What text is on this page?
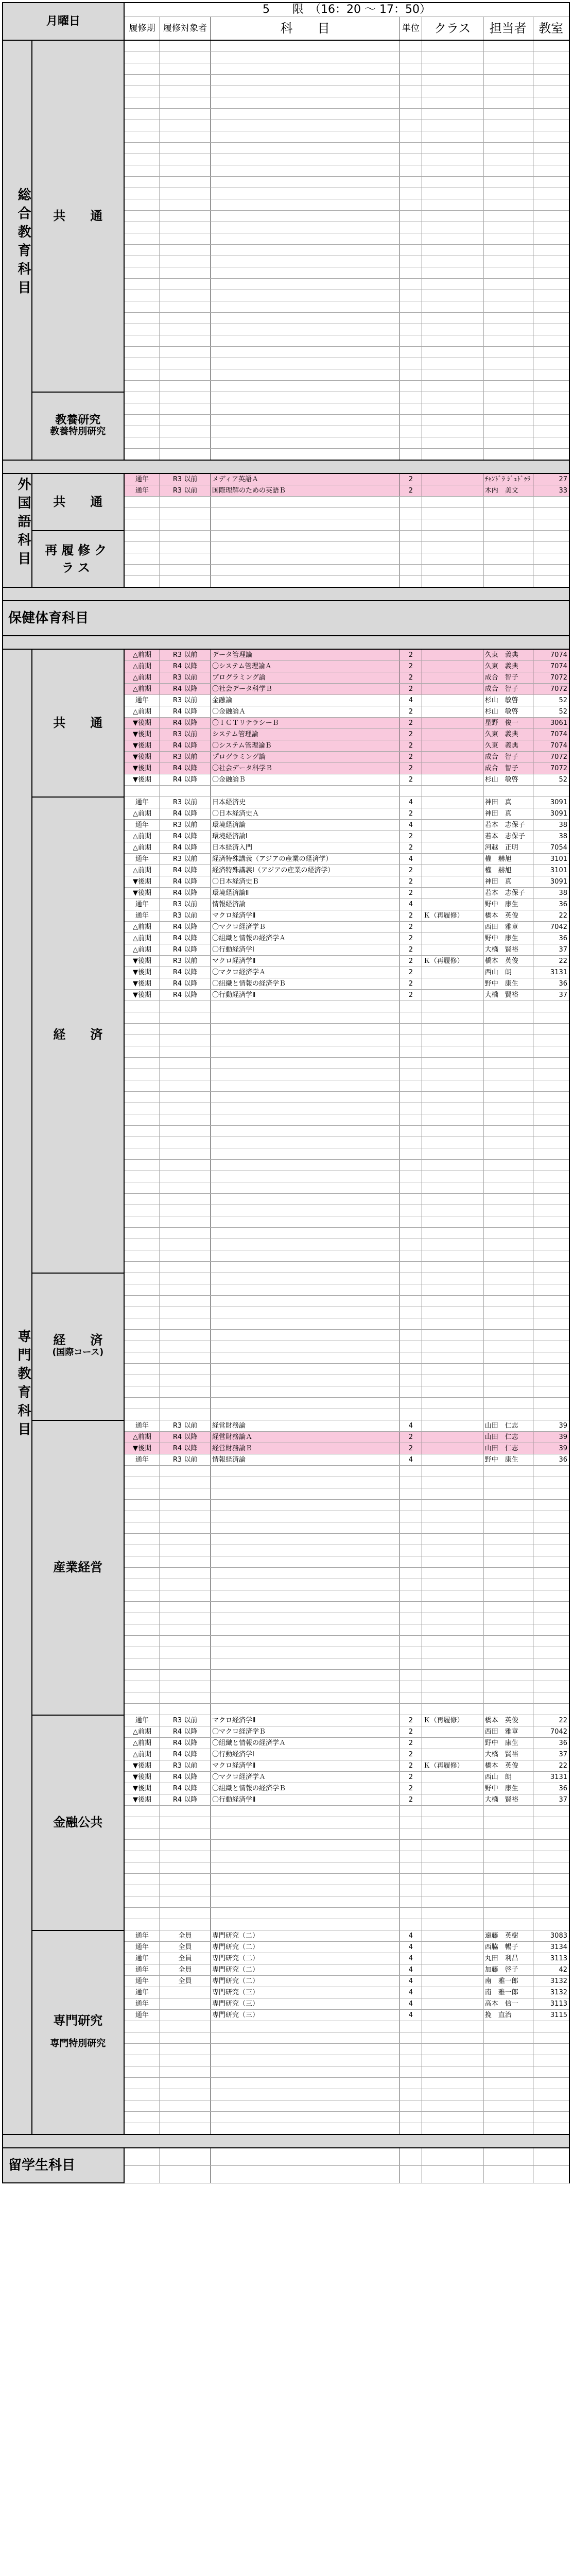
月曜日		5　　限　（16：20 ～ 17：50）						
		履修期	履修対象者	科　　目	単位	クラス	担当者	教室
総合教育科目	共　　通							

	教養研究
教養特別研究							

外国語科目	共　　通	通年	R3 以前	メディア英語Ａ	2		ﾁｬﾝﾄﾞﾗ ｼﾞｭﾄﾞｩﾗ	27
		通年	R3 以前	国際理解のための英語Ｂ	2		木内　美文	33

	再履修クラス							

保健体育科目								

専門教育科目	共　　通	△前期	R3 以前	データ管理論	2		久東　義典	7074
		△前期	R4 以降	〇システム管理論Ａ	2		久東　義典	7074
		△前期	R3 以前	プログラミング論	2		成合　智子	7072
		△前期	R4 以降	〇社会データ科学Ｂ	2		成合　智子	7072
		通年	R3 以前	金融論	4		杉山　敏啓	52
		△前期	R4 以降	〇金融論Ａ	2		杉山　敏啓	52
		▼後期	R4 以降	〇ＩＣＴリテラシーＢ	2		星野　俊一	3061
		▼後期	R3 以前	システム管理論	2		久東　義典	7074
		▼後期	R4 以降	〇システム管理論Ｂ	2		久東　義典	7074
		▼後期	R3 以前	プログラミング論	2		成合　智子	7072
		▼後期	R4 以降	〇社会データ科学Ｂ	2		成合　智子	7072
		▼後期	R4 以降	〇金融論Ｂ	2		杉山　敏啓	52

	経　　済	通年	R3 以前	日本経済史	4		神田　真	3091
		△前期	R4 以降	〇日本経済史Ａ	2		神田　真	3091
		通年	R3 以前	環境経済論	4		若本　志保子	38
		△前期	R4 以降	環境経済論Ⅰ	2		若本　志保子	38
		△前期	R4 以降	日本経済入門	2		河越　正明	7054
		通年	R3 以前	経済特殊講義（アジアの産業の経済学）	4		權　赫旭	3101
		△前期	R4 以降	経済特殊講義Ⅰ（アジアの産業の経済学）	2		權　赫旭	3101
		▼後期	R4 以降	〇日本経済史Ｂ	2		神田　真	3091
		▼後期	R4 以降	環境経済論Ⅱ	2		若本　志保子	38
		通年	R3 以前	情報経済論	4		野中　康生	36
		通年	R3 以前	マクロ経済学Ⅱ	2	Ｋ（再履修）	橋本　英俊	22
		△前期	R4 以降	〇マクロ経済学Ｂ	2		西田　雅章	7042
		△前期	R4 以降	〇組織と情報の経済学Ａ	2		野中　康生	36
		△前期	R4 以降	〇行動経済学Ⅰ	2		大橋　賢裕	37
		▼後期	R3 以前	マクロ経済学Ⅱ	2	Ｋ（再履修）	橋本　英俊	22
		▼後期	R4 以降	〇マクロ経済学Ａ	2		西山　朗	3131
		▼後期	R4 以降	〇組織と情報の経済学Ｂ	2		野中　康生	36
		▼後期	R4 以降	〇行動経済学Ⅱ	2		大橋　賢裕	37

	経　　済
(国際コース)							

	産業経営	通年	R3 以前	経営財務論	4		山田　仁志	39
		△前期	R4 以降	経営財務論Ａ	2		山田　仁志	39
		▼後期	R4 以降	経営財務論Ｂ	2		山田　仁志	39
		通年	R3 以前	情報経済論	4		野中　康生	36

	金融公共	通年	R3 以前	マクロ経済学Ⅱ	2	Ｋ（再履修）	橋本　英俊	22
		△前期	R4 以降	〇マクロ経済学Ｂ	2		西田　雅章	7042
		△前期	R4 以降	〇組織と情報の経済学Ａ	2		野中　康生	36
		△前期	R4 以降	〇行動経済学Ⅰ	2		大橋　賢裕	37
		▼後期	R3 以前	マクロ経済学Ⅱ	2	Ｋ（再履修）	橋本　英俊	22
		▼後期	R4 以降	〇マクロ経済学Ａ	2		西山　朗	3131
		▼後期	R4 以降	〇組織と情報の経済学Ｂ	2		野中　康生	36
		▼後期	R4 以降	〇行動経済学Ⅱ	2		大橋　賢裕	37

	専門研究

専門特別研究	通年	全員	専門研究（二）	4		遠藤　英樹	3083
		通年	全員	専門研究（二）	4		西脇　暢子	3134
		通年	全員	専門研究（二）	4		丸田　利昌	3113
		通年	全員	専門研究（二）	4		加藤　啓子	42
		通年	全員	専門研究（二）	4		南　雅一郎	3132
		通年		専門研究（三）	4		南　雅一郎	3132
		通年		専門研究（三）	4		高本　信一	3113
		通年		専門研究（三）	4		挽　直治	3115

留学生科目								
